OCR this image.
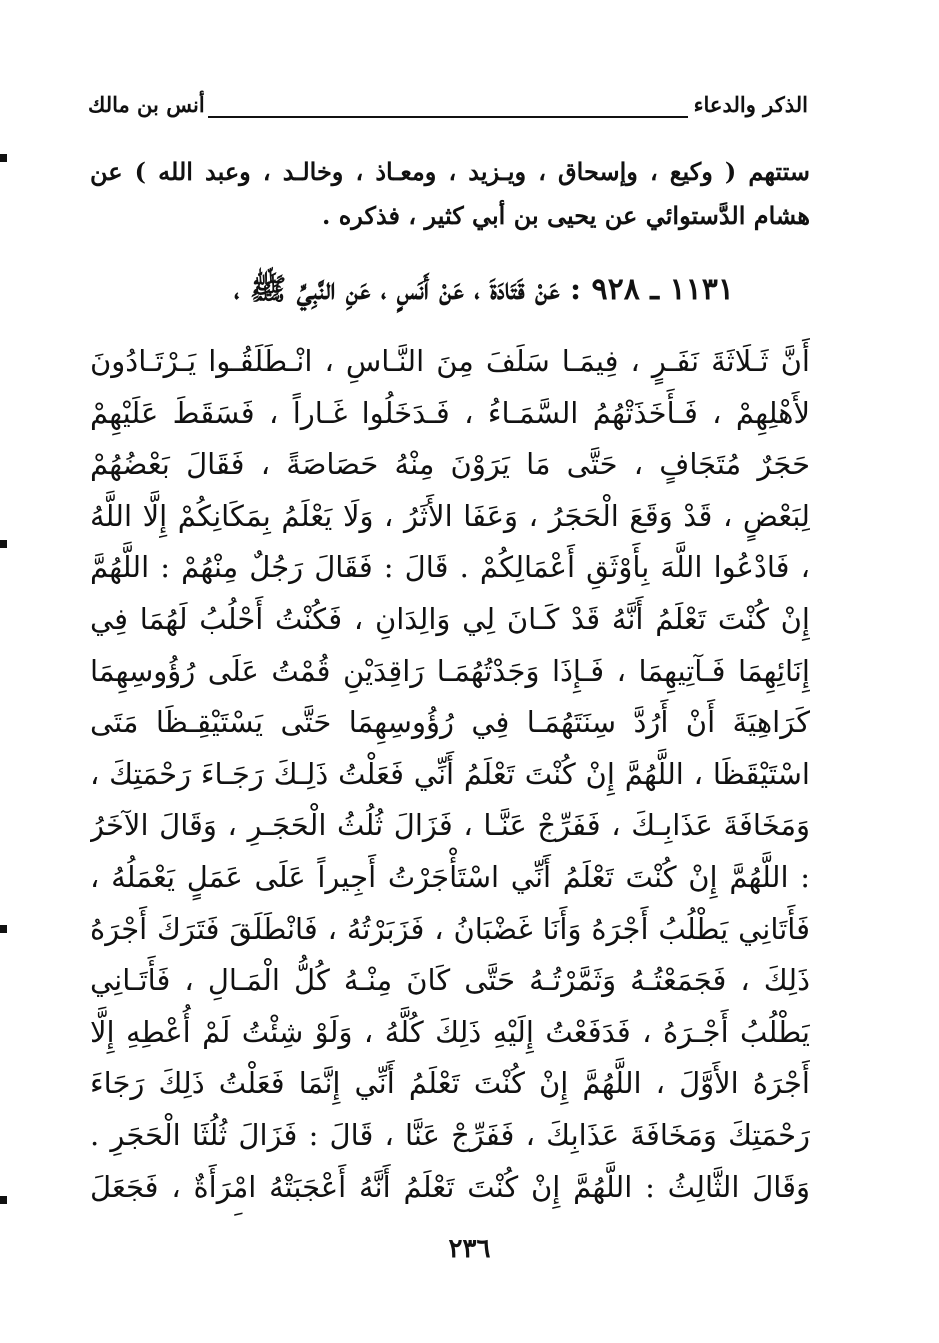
الذكر والدعاء
أنس بن مالك
ستتهم ( وكيع ، وإسحاق ، ويـزيد ، ومعـاذ ، وخالـد ، وعبد الله ) عن هشام الدَّستوائي عن يحيى بن أبي كثير ، فذكره .
١١٣١ ـ ٩٢٨ : عَنْ قَتَادَةَ ، عَنْ أَنَسٍ ، عَنِ النَّبِيِّ ﷺ ،
أَنَّ ثَـلَاثَةَ نَفَـرٍ ، فِيمَـا سَلَفَ مِنَ النَّـاسِ ، انْـطَلَقُـوا يَـرْتَـادُونَ لأَهْلِهِمْ ، فَـأَخَذَتْهُمُ السَّمَـاءُ ، فَـدَخَلُوا غَـاراً ، فَسَقَطَ عَلَيْهِمْ حَجَرٌ مُتَجَافٍ ، حَتَّى مَا يَرَوْنَ مِنْهُ حَصَاصَةً ، فَقَالَ بَعْضُهُمْ لِبَعْضٍ ، قَدْ وَقَعَ الْحَجَرُ ، وَعَفَا الأَثَرُ ، وَلَا يَعْلَمُ بِمَكَانِكُمْ إِلَّا اللَّهُ ، فَادْعُوا اللَّهَ بِأَوْثَقِ أَعْمَالِكُمْ . قَالَ : فَقَالَ رَجُلٌ مِنْهُمْ : اللَّهُمَّ إِنْ كُنْتَ تَعْلَمُ أَنَّهُ قَدْ كَـانَ لِي وَالِدَانِ ، فَكُنْتُ أَحْلُبُ لَهُمَا فِي إِنَائِهِمَا فَـآتِيهِمَا ، فَـإِذَا وَجَدْتُهُمَـا رَاقِدَيْنِ قُمْتُ عَلَى رُؤُوسِهِمَا كَرَاهِيَةَ أَنْ أَرُدَّ سِنَتَهُمَـا فِي رُؤُوسِهِمَا حَتَّى يَسْتَيْقِـظَا مَتَى اسْتَيْقَظَا ، اللَّهُمَّ إِنْ كُنْتَ تَعْلَمُ أَنِّي فَعَلْتُ ذَلِـكَ رَجَـاءَ رَحْمَتِكَ ، وَمَخَافَةَ عَذَابِـكَ ، فَفَرِّجْ عَنَّـا ، فَزَالَ ثُلُثُ الْحَجَـرِ ، وَقَالَ الآخَرُ : اللَّهُمَّ إِنْ كُنْتَ تَعْلَمُ أَنِّي اسْتَأْجَرْتُ أَجِيراً عَلَى عَمَلٍ يَعْمَلُهُ ، فَأَتَانِي يَطْلُبُ أَجْرَهُ وَأَنَا غَضْبَانُ ، فَزَبَرْتُهُ ، فَانْطَلَقَ فَتَرَكَ أَجْرَهُ ذَلِكَ ، فَجَمَعْتُـهُ وَثَمَّرْتُـهُ حَتَّى كَانَ مِنْـهُ كُلُّ الْمَـالِ ، فَأَتَـانِي يَطْلُبُ أَجْـرَهُ ، فَدَفَعْتُ إِلَيْهِ ذَلِكَ كُلَّهُ ، وَلَوْ شِئْتُ لَمْ أُعْطِهِ إِلَّا أَجْرَهُ الأَوَّلَ ، اللَّهُمَّ إِنْ كُنْتَ تَعْلَمُ أَنِّي إِنَّمَا فَعَلْتُ ذَلِكَ رَجَاءَ رَحْمَتِكَ وَمَخَافَةَ عَذَابِكَ ، فَفَرِّجْ عَنَّا ، قَالَ : فَزَالَ ثُلُثَا الْحَجَرِ . وَقَالَ الثَّالِثُ : اللَّهُمَّ إِنْ كُنْتَ تَعْلَمُ أَنَّهُ أَعْجَبَتْهُ امْرَأَةٌ ، فَجَعَلَ
٢٣٦
